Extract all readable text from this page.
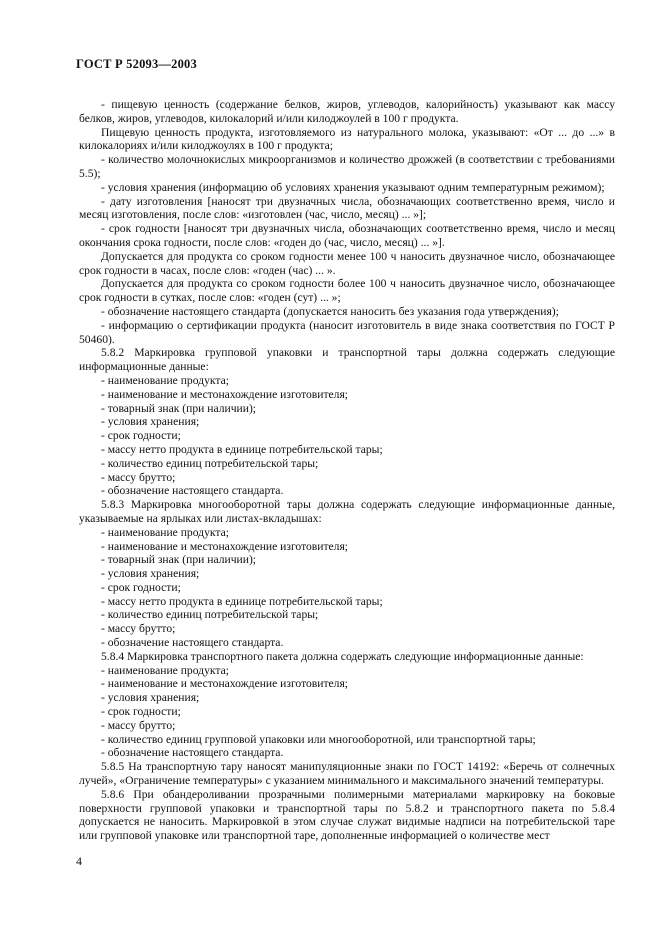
ГОСТ Р 52093—2003

- пищевую ценность (содержание белков, жиров, углеводов, калорийность) указывают как массу белков, жиров, углеводов, килокалорий и/или килоджоулей в 100 г продукта.

Пищевую ценность продукта, изготовляемого из натурального молока, указывают: «От ... до ...» в килокалориях и/или килоджоулях в 100 г продукта;

- количество молочнокислых микроорганизмов и количество дрожжей (в соответствии с требованиями 5.5);

- условия хранения (информацию об условиях хранения указывают одним температурным режимом);

- дату изготовления [наносят три двузначных числа, обозначающих соответственно время, число и месяц изготовления, после слов: «изготовлен (час, число, месяц) ... »];

- срок годности [наносят три двузначных числа, обозначающих соответственно время, число и месяц окончания срока годности, после слов: «годен до (час, число, месяц) ... »].

Допускается для продукта со сроком годности менее 100 ч наносить двузначное число, обозначающее срок годности в часах, после слов: «годен (час) ... ».

Допускается для продукта со сроком годности более 100 ч наносить двузначное число, обозначающее срок годности в сутках, после слов: «годен (сут) ... »;

- обозначение настоящего стандарта (допускается наносить без указания года утверждения);

- информацию о сертификации продукта (наносит изготовитель в виде знака соответствия по ГОСТ Р 50460).

5.8.2 Маркировка групповой упаковки и транспортной тары должна содержать следующие информационные данные:

- наименование продукта;

- наименование и местонахождение изготовителя;

- товарный знак (при наличии);

- условия хранения;

- срок годности;

- массу нетто продукта в единице потребительской тары;

- количество единиц потребительской тары;

- массу брутто;

- обозначение настоящего стандарта.

5.8.3 Маркировка многооборотной тары должна содержать следующие информационные данные, указываемые на ярлыках или листах-вкладышах:

- наименование продукта;

- наименование и местонахождение изготовителя;

- товарный знак (при наличии);

- условия хранения;

- срок годности;

- массу нетто продукта в единице потребительской тары;

- количество единиц потребительской тары;

- массу брутто;

- обозначение настоящего стандарта.

5.8.4 Маркировка транспортного пакета должна содержать следующие информационные данные:

- наименование продукта;

- наименование и местонахождение изготовителя;

- условия хранения;

- срок годности;

- массу брутто;

- количество единиц групповой упаковки или многооборотной, или транспортной тары;

- обозначение настоящего стандарта.

5.8.5 На транспортную тару наносят манипуляционные знаки по ГОСТ 14192: «Беречь от солнечных лучей», «Ограничение температуры» с указанием минимального и максимального значений температуры.

5.8.6 При обандероливании прозрачными полимерными материалами маркировку на боковые поверхности групповой упаковки и транспортной тары по 5.8.2 и транспортного пакета по 5.8.4 допускается не наносить. Маркировкой в этом случае служат видимые надписи на потребительской таре или групповой упаковке или транспортной таре, дополненные информацией о количестве мест

4
